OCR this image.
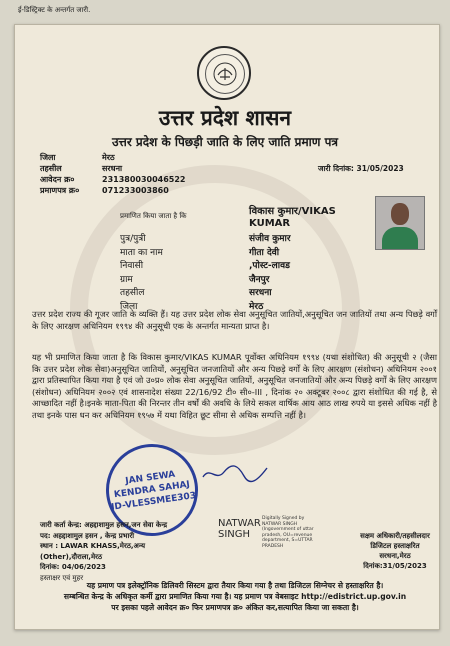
ई-डिस्ट्रिक्ट के अन्तर्गत जारी.
उत्तर प्रदेश शासन
उत्तर प्रदेश के पिछड़ी जाति के लिए जाति प्रमाण पत्र
जिला	मेरठ
तहसील	सरधना
आवेदन क्र०	231380030046522
प्रमाणपत्र क्र०	071233003860
जारी दिनांक: 31/05/2023
प्रमाणित किया जाता है कि	विकास कुमार/VIKAS KUMAR
पुत्र/पुत्री	संजीव कुमार
माता का नाम	गीता देवी
निवासी	,पोस्ट-लावड
ग्राम	जैनपुर
तहसील	सरधना
जिला	मेरठ
उत्तर प्रदेश राज्य की गूजर जाति के व्यक्ति हैं। यह उत्तर प्रदेश लोक सेवा अनुसूचित जातियों,अनुसूचित जन जातियों तथा अन्य पिछड़े वर्गों के लिए आरक्षण अधिनियम १९९४ की अनुसूची एक के अन्तर्गत मान्यता प्राप्त है।
यह भी प्रमाणित किया जाता है कि विकास कुमार/VIKAS KUMAR पूर्वोक्त अधिनियम १९९४ (यथा संशोधित) की अनुसूची २ (जैसा कि उत्तर प्रदेश लोक सेवा)अनुसूचित जातियों, अनुसूचित जनजातियों और अन्य पिछड़े वर्गों के लिए आरक्षण (संशोधन) अधिनियम २००१ द्वारा प्रतिस्थापित किया गया है एवं जो उ०प्र० लोक सेवा अनुसूचित जातियों, अनुसूचित जनजातियों और अन्य पिछड़े वर्गों के लिए आरक्षण (संशोधन) अधिनियम २००२ एवं शासनादेश संख्या 22/16/92 टी० सी०-III , दिनांक २० अक्टूबर २००८ द्वारा संशोधित की गई है, से आच्छादित नहीं है।इनके माता-पिता की निरन्तर तीन वर्षों की अवधि के लिये सकल वार्षिक आय आठ लाख रुपये या इससे अधिक नहीं है तथा इनके पास धन कर अधिनियम १९५७ में यथा विहित छूट सीमा से अधिक सम्पत्ति नहीं है।
JAN SEWA KENDRA SAHAJ ID-VLESSMEE303
NATWAR
SINGH
Digitally Signed by NATWAR SINGH (Ingovernment of uttar pradesh, OU=revenue department, S=UTTAR PRADESH
जारी कर्ता केन्द्र: अहद्दाशामुल हसन,जन सेवा केन्द्र
पद: अहद्दाशामुल हसन , केन्द्र प्रभारी
स्थान : LAWAR KHASS,मेरठ,अन्य
(Other),दौराला,मेरठ
दिनांक: 04/06/2023
हस्ताक्षर एवं मुहर
सक्षम अधिकारी/तहसीलदार
डिजिटल हस्ताक्षरित
सरधना,मेरठ
दिनांक:31/05/2023
यह प्रमाण पत्र इलेक्ट्रॉनिक डिलिवरी सिस्टम द्वारा तैयार किया गया है तथा डिजिटल सिग्नेचर से हस्ताक्षरित है।
सम्बन्धित केन्द्र के अधिकृत कर्मी द्वारा प्रमाणित किया गया है। यह प्रमाण पत्र वेबसाइट http://edistrict.up.gov.in
पर इसका पहले आवेदन क्र० फिर प्रमाणपत्र क्र० अंकित कर,सत्यापित किया जा सकता है।
